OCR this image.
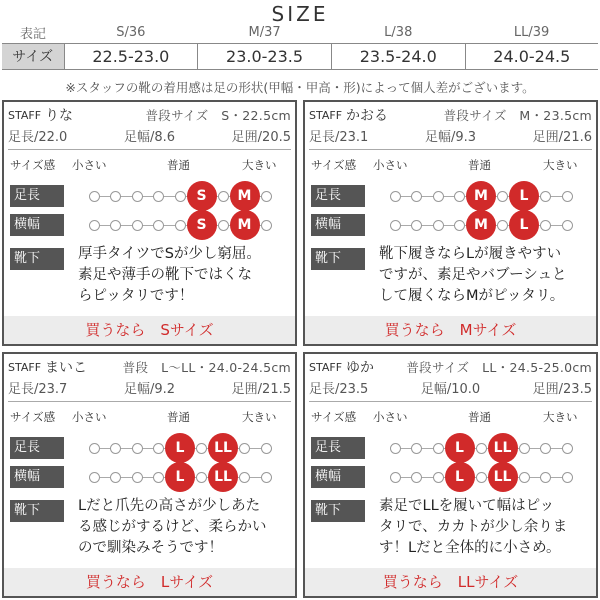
SIZE
表記	S/36	M/37	L/38	LL/39
サイズ	22.5-23.0	23.0-23.5	23.5-24.0	24.0-24.5
※スタッフの靴の着用感は足の形状(甲幅・甲高・形)によって個人差がございます。
STAFF りな	普段サイズ　S・22.5cm
足長/22.0	足幅/8.6	足囲/20.5
サイズ感 小さい	普通	大きい
足長	S	M
横幅	S	M
靴下	厚手タイツでSが少し窮屈。
素足や薄手の靴下ではくな
らピッタリです！
買うなら　Sサイズ
STAFF かおる	普段サイズ　M・23.5cm
足長/23.1	足幅/9.3	足囲/21.6
サイズ感 小さい	普通	大きい
足長	M	L
横幅	M	L
靴下	靴下履きならLが履きやすい
ですが、素足やバブーシュと
して履くならMがピッタリ。
買うなら　Mサイズ
STAFF まいこ	普段　L〜LL・24.0-24.5cm
足長/23.7	足幅/9.2	足囲/21.5
サイズ感 小さい	普通	大きい
足長	L	LL
横幅	L	LL
靴下	Lだと爪先の高さが少しあた
る感じがするけど、柔らかい
ので馴染みそうです！
買うなら　Lサイズ
STAFF ゆか	普段サイズ　LL・24.5-25.0cm
足長/23.5	足幅/10.0	足囲/23.5
サイズ感 小さい	普通	大きい
足長	L	LL
横幅	L	LL
靴下	素足でLLを履いて幅はピッ
タリで、カカトが少し余りま
す！Lだと全体的に小さめ。
買うなら　LLサイズ
